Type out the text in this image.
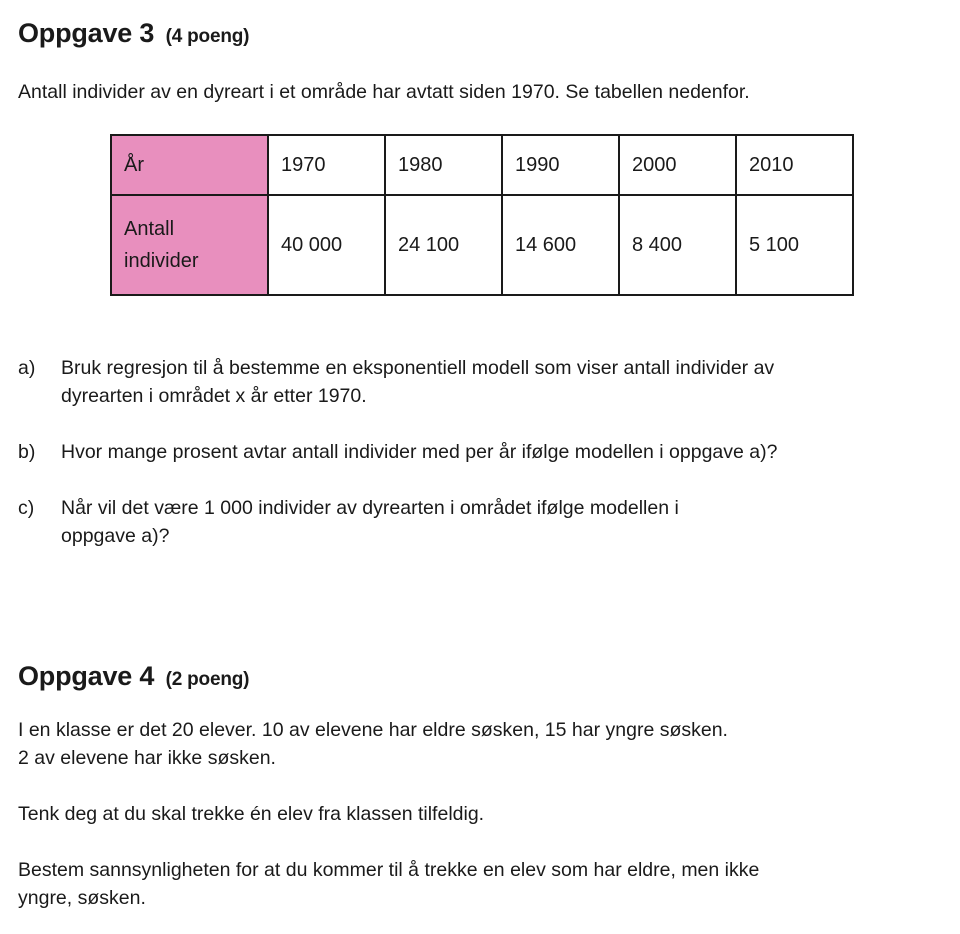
Oppgave 3 (4 poeng)

Antall individer av en dyreart i et område har avtatt siden 1970. Se tabellen nedenfor.

År	1970	1980	1990	2000	2010

Antall
individer	40 000	24 100	14 600	8 400	5 100
a) Bruk regresjon til å bestemme en eksponentiell modell som viser antall individer av
dyrearten i området x år etter 1970.
b) Hvor mange prosent avtar antall individer med per år ifølge modellen i oppgave a)?
c) Når vil det være 1 000 individer av dyrearten i området ifølge modellen i
oppgave a)?
Oppgave 4 (2 poeng)

I en klasse er det 20 elever. 10 av elevene har eldre søsken, 15 har yngre søsken.

2 av elevene har ikke søsken.

Tenk deg at du skal trekke én elev fra klassen tilfeldig.

Bestem sannsynligheten for at du kommer til å trekke en elev som har eldre, men ikke

yngre, søsken.
